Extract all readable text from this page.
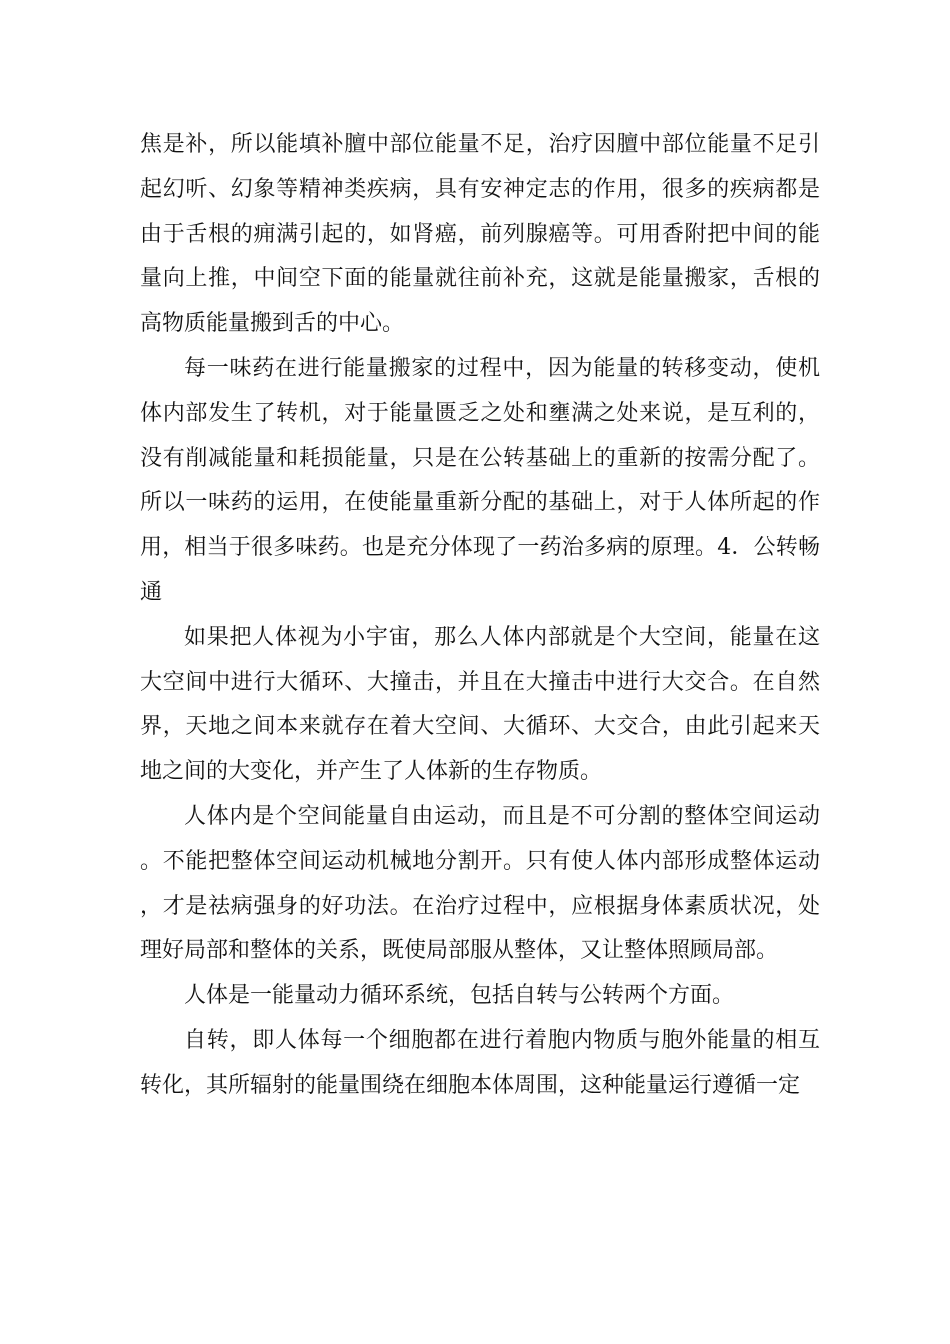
焦是补，所以能填补膻中部位能量不足，治疗因膻中部位能量不足引起幻听、幻象等精神类疾病，具有安神定志的作用，很多的疾病都是由于舌根的痈满引起的，如肾癌，前列腺癌等。可用香附把中间的能量向上推，中间空下面的能量就往前补充，这就是能量搬家，舌根的高物质能量搬到舌的中心。

每一味药在进行能量搬家的过程中，因为能量的转移变动，使机体内部发生了转机，对于能量匮乏之处和壅满之处来说，是互利的，没有削减能量和耗损能量，只是在公转基础上的重新的按需分配了。所以一味药的运用，在使能量重新分配的基础上，对于人体所起的作用，相当于很多味药。也是充分体现了一药治多病的原理。4．公转畅通

如果把人体视为小宇宙，那么人体内部就是个大空间，能量在这大空间中进行大循环、大撞击，并且在大撞击中进行大交合。在自然界，天地之间本来就存在着大空间、大循环、大交合，由此引起来天地之间的大变化，并产生了人体新的生存物质。

人体内是个空间能量自由运动，而且是不可分割的整体空间运动。不能把整体空间运动机械地分割开。只有使人体内部形成整体运动，才是祛病强身的好功法。在治疗过程中，应根据身体素质状况，处理好局部和整体的关系，既使局部服从整体，又让整体照顾局部。

人体是一能量动力循环系统，包括自转与公转两个方面。

自转，即人体每一个细胞都在进行着胞内物质与胞外能量的相互转化，其所辐射的能量围绕在细胞本体周围，这种能量运行遵循一定
